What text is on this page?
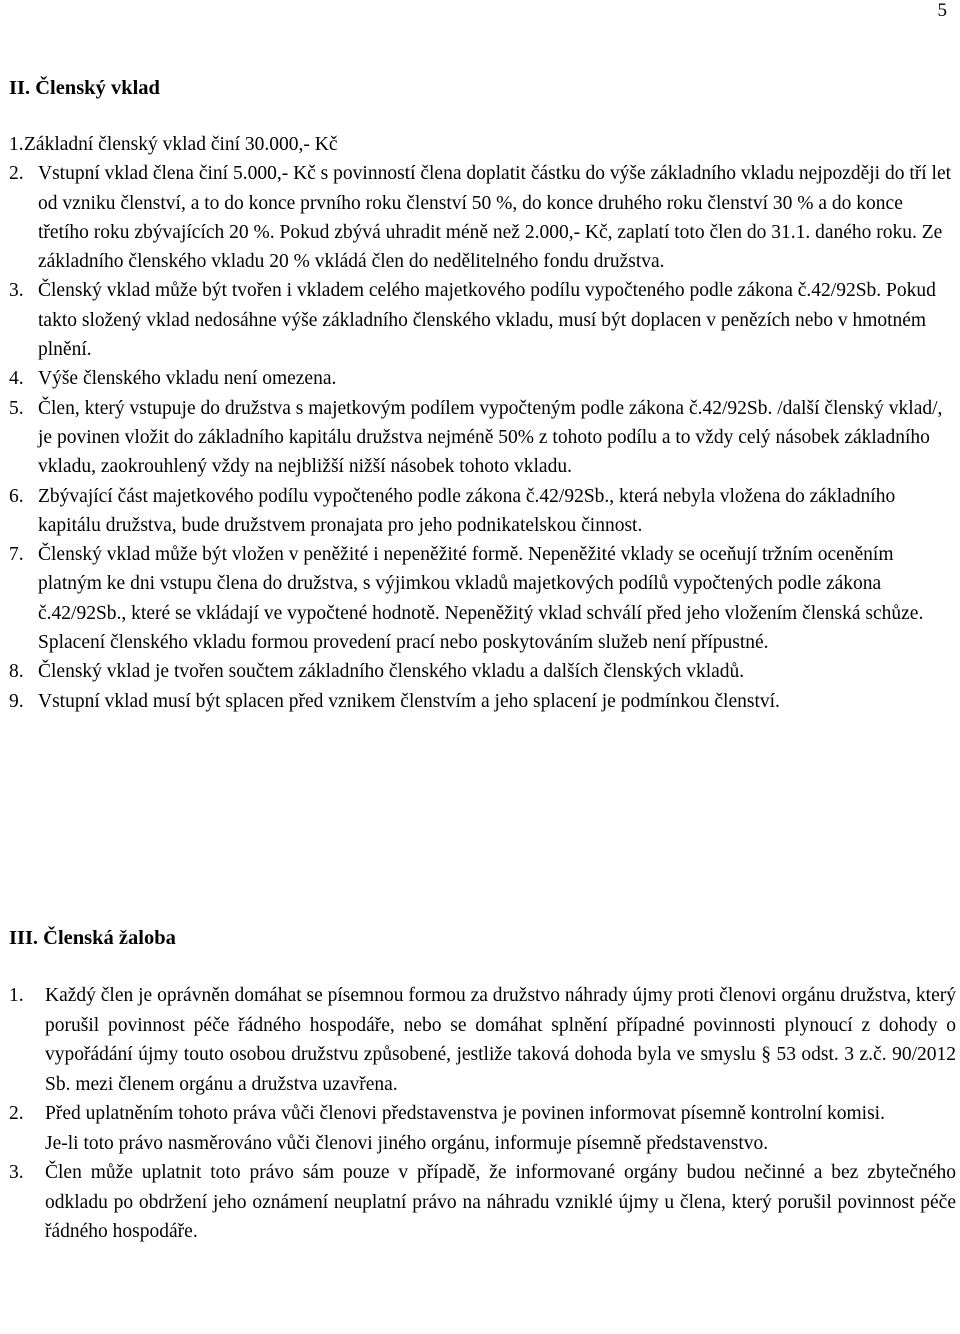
5
II. Členský vklad
1. Základní členský vklad činí 30.000,- Kč
2. Vstupní vklad člena činí 5.000,- Kč s povinností člena doplatit částku do výše základního vkladu nejpozději do tří let od vzniku členství, a to do konce prvního roku členství 50 %, do konce druhého roku členství 30 % a do konce třetího roku zbývajících 20 %. Pokud zbývá uhradit méně než 2.000,- Kč, zaplatí toto člen do 31.1. daného roku. Ze základního členského vkladu 20 % vkládá člen do nedělitelného fondu družstva.
3. Členský vklad může být tvořen i vkladem celého majetkového podílu vypočteného podle zákona č.42/92Sb. Pokud takto složený vklad nedosáhne výše základního členského vkladu, musí být doplacen v penězích nebo v hmotném plnění.
4. Výše členského vkladu není omezena.
5. Člen, který vstupuje do družstva s majetkovým podílem vypočteným podle zákona č.42/92Sb. /další členský vklad/, je povinen vložit do základního kapitálu družstva nejméně 50% z tohoto podílu a to vždy celý násobek základního vkladu, zaokrouhlený vždy na nejbližší nižší násobek tohoto vkladu.
6. Zbývající část majetkového podílu vypočteného podle zákona č.42/92Sb., která nebyla vložena do základního kapitálu družstva, bude družstvem pronajata pro jeho podnikatelskou činnost.
7. Členský vklad může být vložen v peněžité i nepeněžité formě. Nepeněžité vklady se oceňují tržním oceněním platným ke dni vstupu člena do družstva, s výjimkou vkladů majetkových podílů vypočtených podle zákona č.42/92Sb., které se vkládají ve vypočtené hodnotě. Nepeněžitý vklad schválí před jeho vložením členská schůze.
Splacení členského vkladu formou provedení prací nebo poskytováním služeb není přípustné.
8. Členský vklad je tvořen součtem základního členského vkladu a dalších členských vkladů.
9. Vstupní vklad musí být splacen před vznikem členstvím a jeho splacení je podmínkou členství.
III. Členská žaloba
1.	Každý člen je oprávněn domáhat se písemnou formou za družstvo náhrady újmy proti členovi orgánu družstva, který porušil povinnost péče řádného hospodáře, nebo se domáhat splnění případné povinnosti plynoucí z dohody o vypořádání újmy touto osobou družstvu způsobené, jestliže taková dohoda byla ve smyslu § 53 odst. 3 z.č. 90/2012 Sb. mezi členem orgánu a družstva uzavřena.
2.	Před uplatněním tohoto práva vůči členovi představenstva je povinen informovat písemně kontrolní komisi.
Je-li toto právo nasměrováno vůči členovi jiného orgánu, informuje písemně představenstvo.
3.	Člen může uplatnit toto právo sám pouze v případě, že informované orgány budou nečinné a bez zbytečného odkladu po obdržení jeho oznámení neuplatní právo na náhradu vzniklé újmy u člena, který porušil povinnost péče řádného hospodáře.
